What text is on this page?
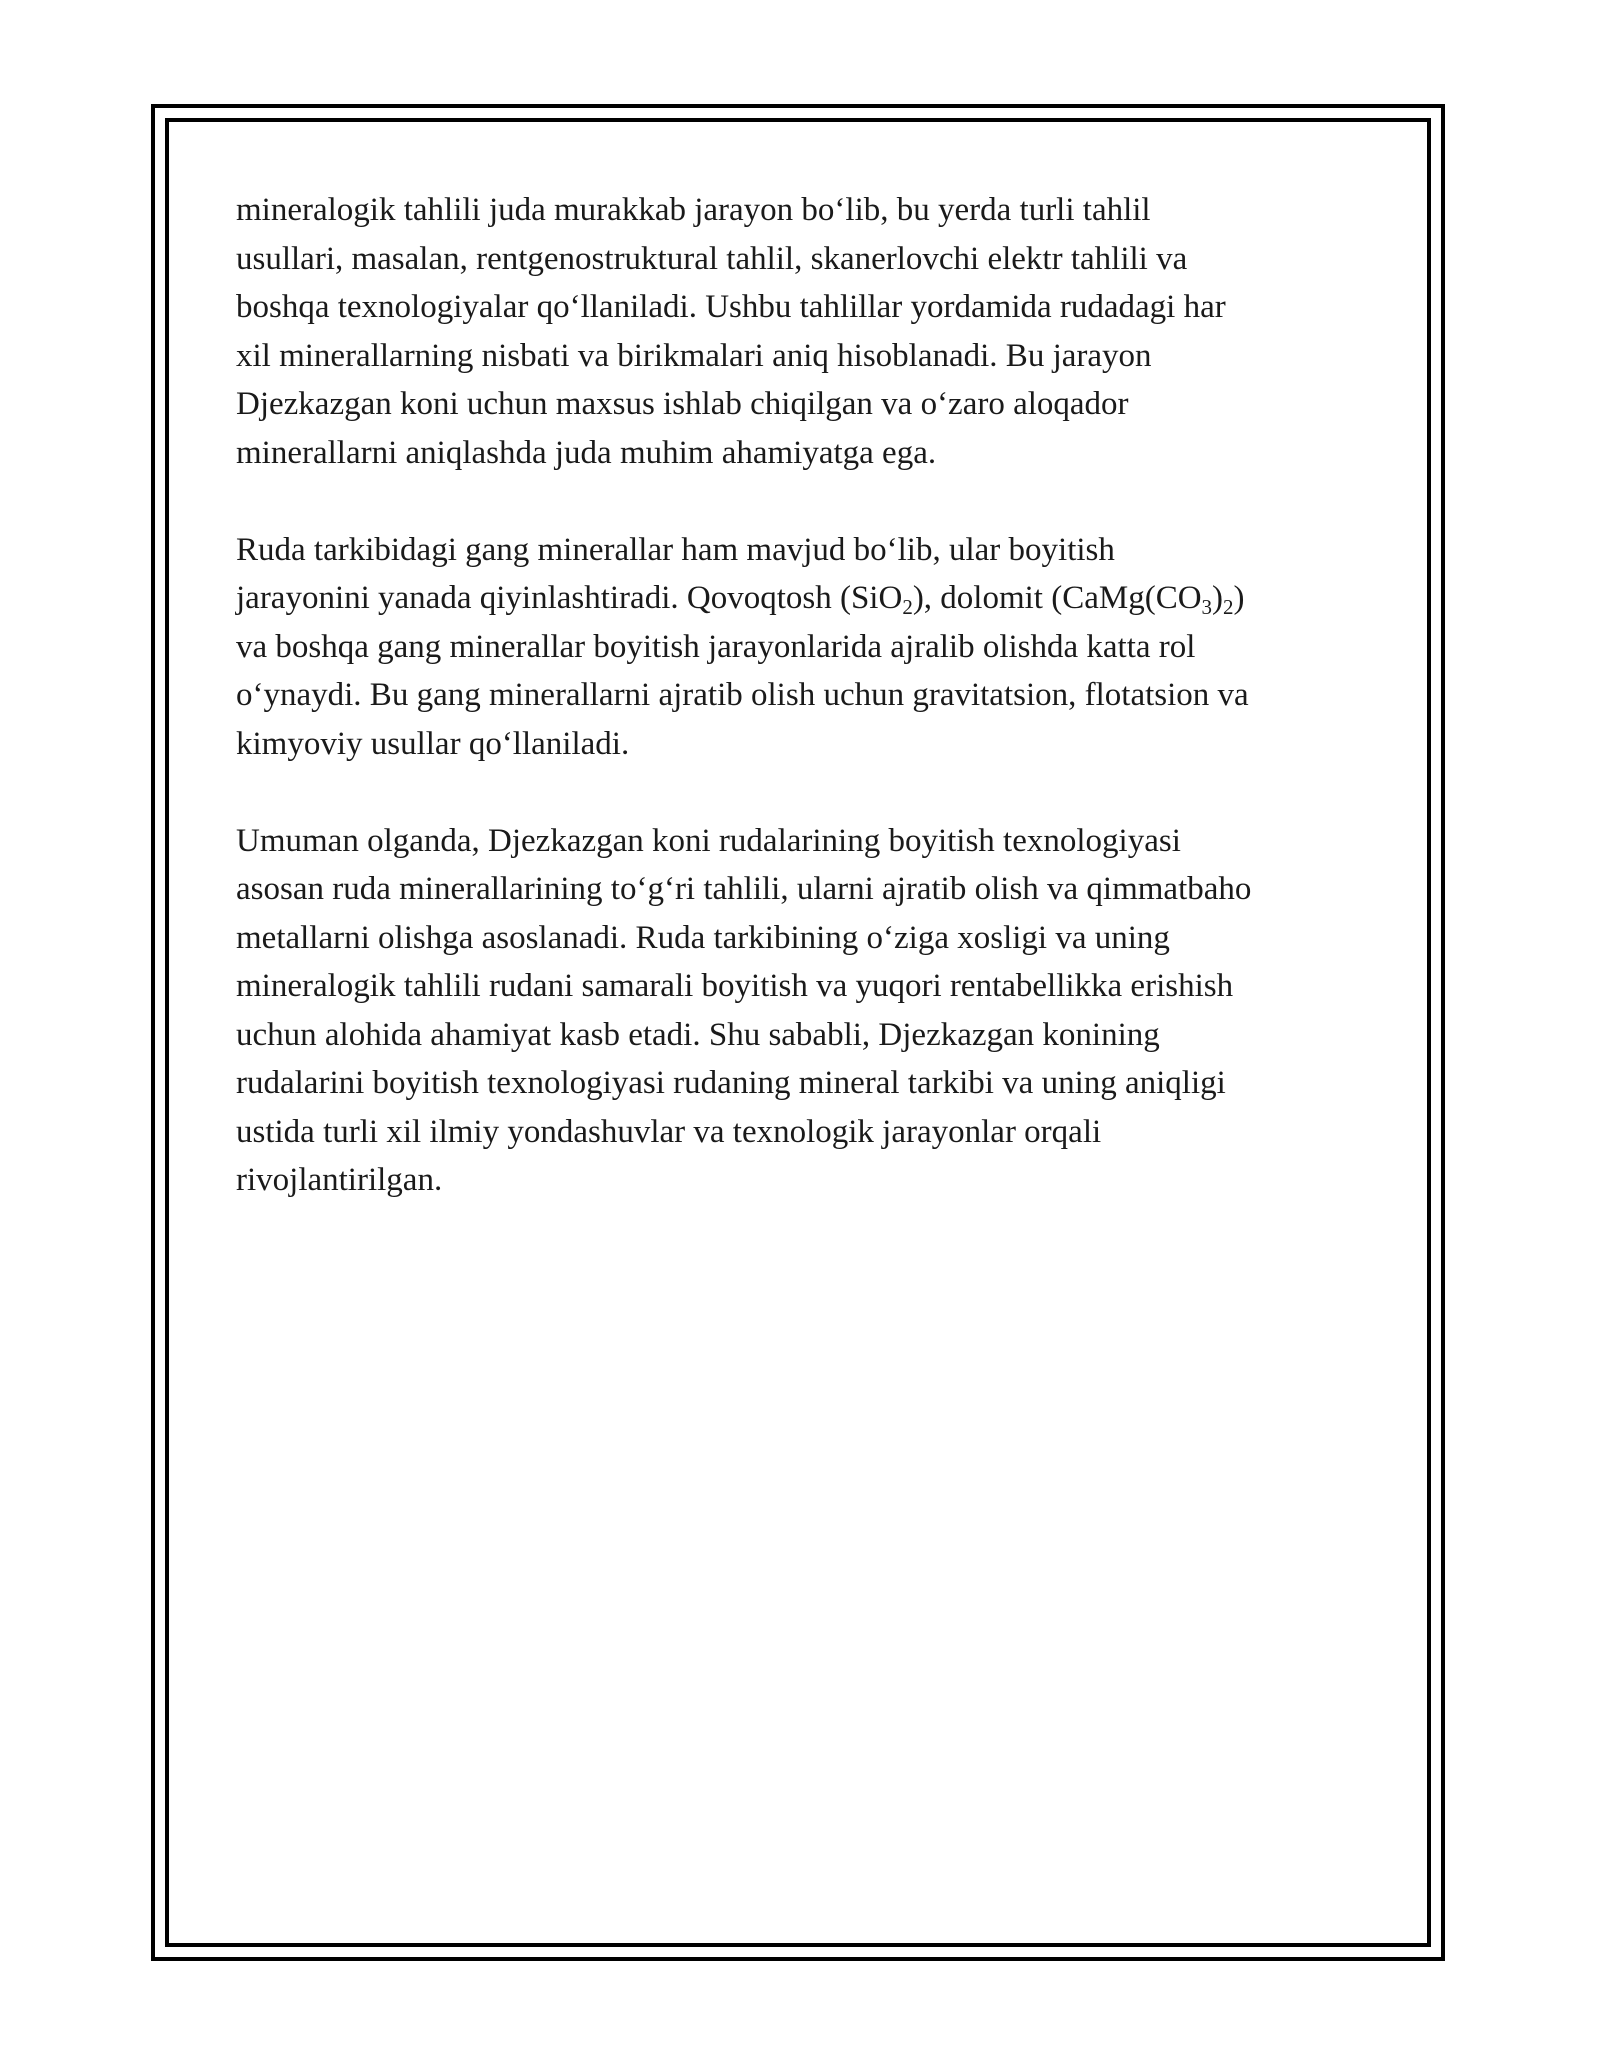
mineralogik tahlili juda murakkab jarayon bo‘lib, bu yerda turli tahlil
usullari, masalan, rentgenostruktural tahlil, skanerlovchi elektr tahlili va
boshqa texnologiyalar qo‘llaniladi. Ushbu tahlillar yordamida rudadagi har
xil minerallarning nisbati va birikmalari aniq hisoblanadi. Bu jarayon
Djezkazgan koni uchun maxsus ishlab chiqilgan va o‘zaro aloqador
minerallarni aniqlashda juda muhim ahamiyatga ega.

Ruda tarkibidagi gang minerallar ham mavjud bo‘lib, ular boyitish
jarayonini yanada qiyinlashtiradi. Qovoqtosh (SiO$_2$), dolomit $(CaMg(CO_3)_2)$
va boshqa gang minerallar boyitish jarayonlarida ajralib olishda katta rol
o‘ynaydi. Bu gang minerallarni ajratib olish uchun gravitatsion, flotatsion va
kimyoviy usullar qo‘llaniladi.

Umuman olganda, Djezkazgan koni rudalarining boyitish texnologiyasi
asosan ruda minerallarining to‘g‘ri tahlili, ularni ajratib olish va qimmatbaho
metallarni olishga asoslanadi. Ruda tarkibining o‘ziga xosligi va uning
mineralogik tahlili rudani samarali boyitish va yuqori rentabellikka erishish
uchun alohida ahamiyat kasb etadi. Shu sababli, Djezkazgan konining
rudalarini boyitish texnologiyasi rudaning mineral tarkibi va uning aniqligi
ustida turli xil ilmiy yondashuvlar va texnologik jarayonlar orqali
rivojlantirilgan.
